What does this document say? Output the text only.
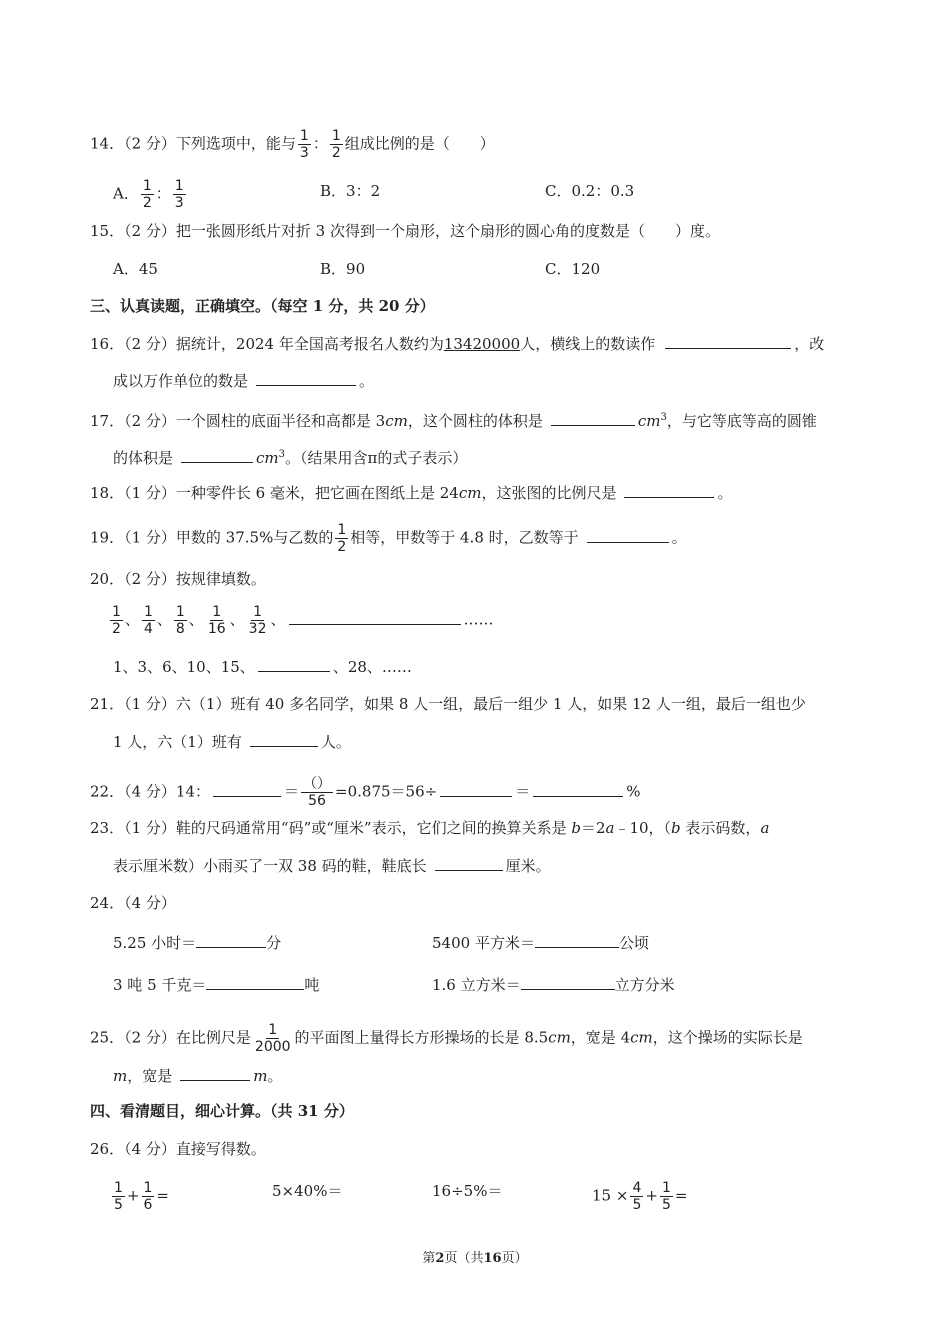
14．（2 分）下列选项中，能与 $\frac{1}{3}$ ： $\frac{1}{2}$ 组成比例的是（　　）
A． $\frac{1}{2}$ ： $\frac{1}{3}$	B．3：2	C．0.2：0.3
15．（2 分）把一张圆形纸片对折 3 次得到一个扇形，这个扇形的圆心角的度数是（　　）度。
A．45	B．90	C．120
三、认真读题，正确填空。（每空 1 分，共 20 分）
16．（2 分）据统计，2024 年全国高考报名人数约为13420000人，横线上的数读作	，改
成以万作单位的数是	。
17．（2 分）一个圆柱的底面半径和高都是 3cm，这个圆柱的体积是	$cm^3$，与它等底等高的圆锥
的体积是	$cm^3$。（结果用含π的式子表示）
18．（1 分）一种零件长 6 毫米，把它画在图纸上是 24cm，这张图的比例尺是	。
19．（1 分）甲数的 37.5%与乙数的 $\frac{1}{2}$ 相等，甲数等于 4.8 时，乙数等于	。
20．（2 分）按规律填数。
$\frac{1}{2}$ 、 $\frac{1}{4}$ 、 $\frac{1}{8}$ 、 $\frac{1}{16}$ 、 $\frac{1}{32}$ 、	……
1、3、6、10、15、	、28、……
21．（1 分）六（1）班有 40 多名同学，如果 8 人一组，最后一组少 1 人，如果 12 人一组，最后一组也少
1 人，六（1）班有	人。
22．（4 分）14：	＝ $\frac{()}{56} =0.875=56\div$	＝	%
23．（1 分）鞋的尺码通常用“码”或“厘米”表示，它们之间的换算关系是 b＝2a﹣10，（b 表示码数，a
表示厘米数）小雨买了一双 38 码的鞋，鞋底长	厘米。
24．（4 分）
5.25 小时＝	分	5400 平方米＝	公顷
3 吨 5 千克＝	吨	1.6 立方米＝	立方分米
25．（2 分）在比例尺是 $\frac{1}{2000}$ 的平面图上量得长方形操场的长是 8.5cm，宽是 4cm，这个操场的实际长是
m，宽是	m。
四、看清题目，细心计算。（共 31 分）
26．（4 分）直接写得数。
$\frac{1}{5} + \frac{1}{6}$ =	5×40%＝	16÷5%＝	$15 \times \frac{4}{5} + \frac{1}{5}$ =
第2页（共16页）
